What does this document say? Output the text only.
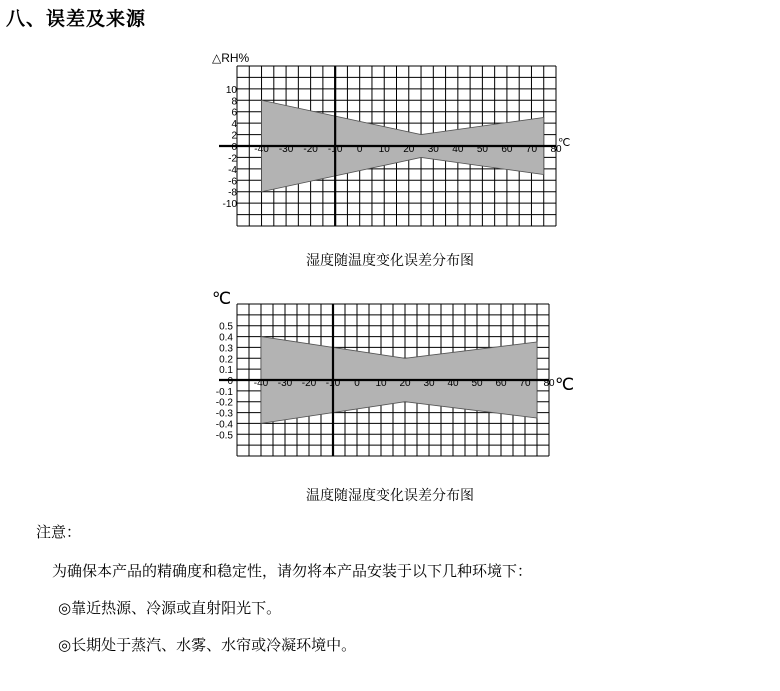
八、误差及来源
-40 -30 -20 -10 0 10 20 30 40 50 60 70 80
10
8
6
4
2
0
-2
-4
-6
-8
-10
△RH%
℃
湿度随温度变化误差分布图
-40 -30 -20 -10 0 10 20 30 40 50 60 70 80
0.5
0.4
0.3
0.2
0.1
0
-0.1
-0.2
-0.3
-0.4
-0.5
℃
℃
温度随湿度变化误差分布图
注意：
为确保本产品的精确度和稳定性，请勿将本产品安装于以下几种环境下：
◎靠近热源、冷源或直射阳光下。
◎长期处于蒸汽、水雾、水帘或冷凝环境中。
